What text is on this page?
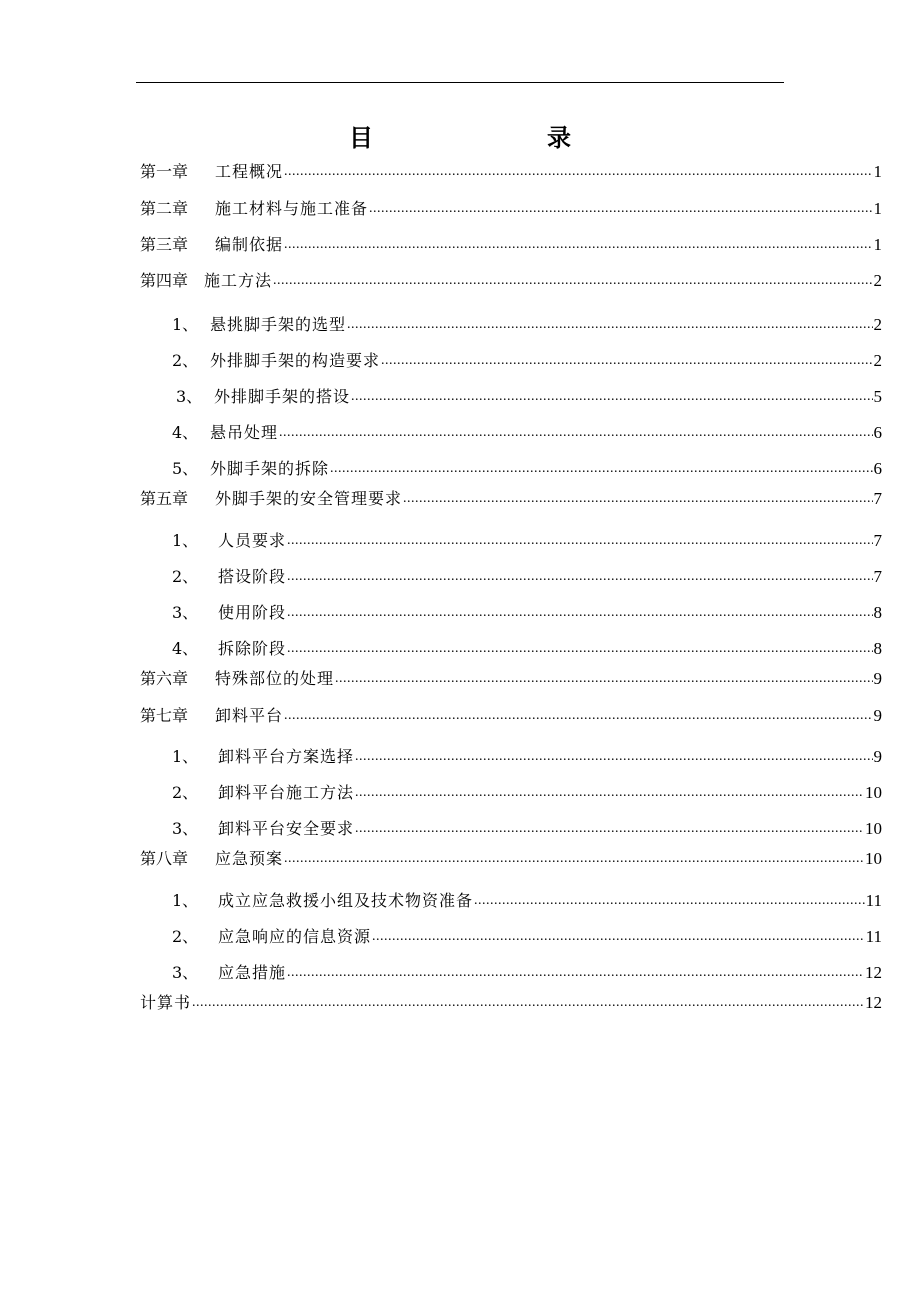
目　　录
第一章	工程概况 .....	1
第二章	施工材料与施工准备 .....	1
第三章	编制依据 .....	1
第四章 施工方法 .....	2
1、 悬挑脚手架的选型 .....	2
2、 外排脚手架的构造要求 .....	2
3、 外排脚手架的搭设 .....	5
4、 悬吊处理 .....	6
5、 外脚手架的拆除 .....	6
第五章	外脚手架的安全管理要求 .....	7
1、	人员要求 .....	7
2、	搭设阶段 .....	7
3、	使用阶段 .....	8
4、	拆除阶段 .....	8
第六章	特殊部位的处理 .....	9
第七章	卸料平台 .....	9
1、	卸料平台方案选择 .....	9
2、	卸料平台施工方法 .....	10
3、	卸料平台安全要求 .....	10
第八章	应急预案 .....	10
1、	成立应急救援小组及技术物资准备 .....	11
2、	应急响应的信息资源 .....	11
3、	应急措施 .....	12
计算书 .....	12
